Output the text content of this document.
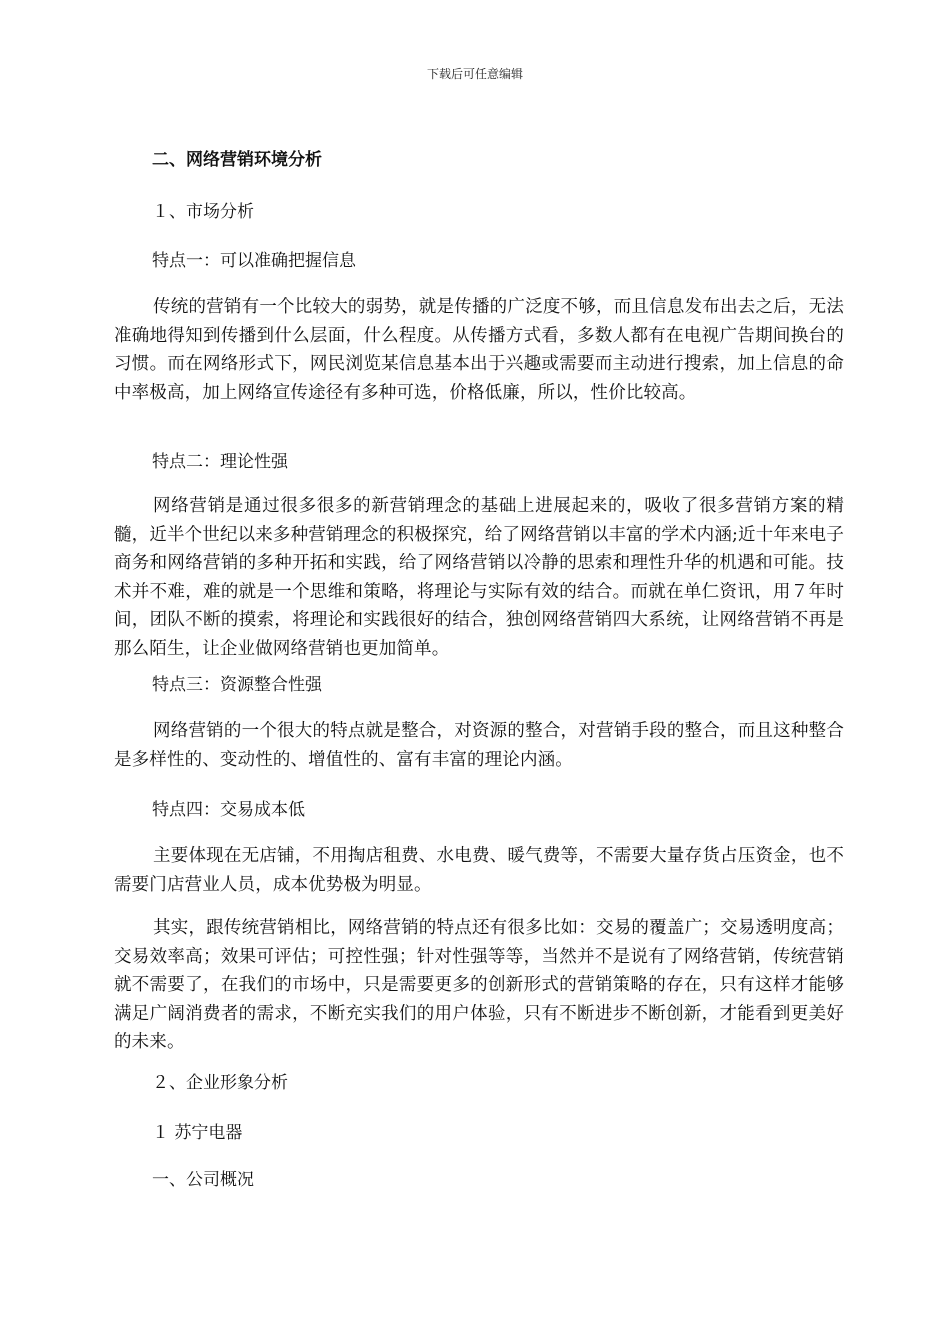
下载后可任意编辑
二、网络营销环境分析
１、市场分析
特点一：可以准确把握信息
传统的营销有一个比较大的弱势，就是传播的广泛度不够，而且信息发布出去之后，无法准确地得知到传播到什么层面，什么程度。从传播方式看，多数人都有在电视广告期间换台的习惯。而在网络形式下，网民浏览某信息基本出于兴趣或需要而主动进行搜索，加上信息的命中率极高，加上网络宣传途径有多种可选，价格低廉，所以，性价比较高。
特点二：理论性强
网络营销是通过很多很多的新营销理念的基础上进展起来的，吸收了很多营销方案的精髓，近半个世纪以来多种营销理念的积极探究，给了网络营销以丰富的学术内涵;近十年来电子商务和网络营销的多种开拓和实践，给了网络营销以冷静的思索和理性升华的机遇和可能。技术并不难，难的就是一个思维和策略，将理论与实际有效的结合。而就在单仁资讯，用７年时间，团队不断的摸索，将理论和实践很好的结合，独创网络营销四大系统，让网络营销不再是那么陌生，让企业做网络营销也更加简单。
特点三：资源整合性强
网络营销的一个很大的特点就是整合，对资源的整合，对营销手段的整合，而且这种整合是多样性的、变动性的、增值性的、富有丰富的理论内涵。
特点四：交易成本低
主要体现在无店铺，不用掏店租费、水电费、暖气费等，不需要大量存货占压资金，也不需要门店营业人员，成本优势极为明显。
其实，跟传统营销相比，网络营销的特点还有很多比如：交易的覆盖广；交易透明度高；交易效率高；效果可评估；可控性强；针对性强等等，当然并不是说有了网络营销，传统营销就不需要了，在我们的市场中，只是需要更多的创新形式的营销策略的存在，只有这样才能够满足广阔消费者的需求，不断充实我们的用户体验，只有不断进步不断创新，才能看到更美好的未来。
２、企业形象分析
１ 苏宁电器
一、公司概况
